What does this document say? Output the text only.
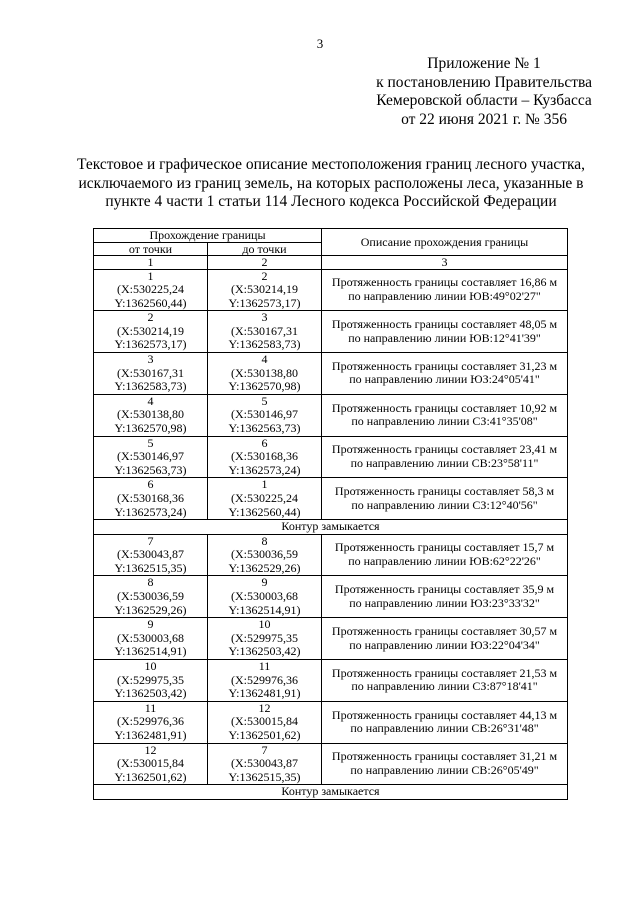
3
Приложение № 1
к постановлению Правительства
Кемеровской области – Кузбасса
от 22 июня 2021 г. № 356
Текстовое и графическое описание местоположения границ лесного участка, исключаемого из границ земель, на которых расположены леса, указанные в пункте 4 части 1 статьи 114 Лесного кодекса Российской Федерации
Прохождение границы		Описание прохождения границы
от точки	до точки	
1	2	3

1
(X:530225,24
Y:1362560,44)	2
(X:530214,19
Y:1362573,17)	Протяженность границы составляет 16,86 м по направлению линии ЮВ:49°02'27"

2
(X:530214,19
Y:1362573,17)	3
(X:530167,31
Y:1362583,73)	Протяженность границы составляет 48,05 м по направлению линии ЮВ:12°41'39"

3
(X:530167,31
Y:1362583,73)	4
(X:530138,80
Y:1362570,98)	Протяженность границы составляет 31,23 м по направлению линии ЮЗ:24°05'41"

4
(X:530138,80
Y:1362570,98)	5
(X:530146,97
Y:1362563,73)	Протяженность границы составляет 10,92 м по направлению линии СЗ:41°35'08"

5
(X:530146,97
Y:1362563,73)	6
(X:530168,36
Y:1362573,24)	Протяженность границы составляет 23,41 м по направлению линии СВ:23°58'11"

6
(X:530168,36
Y:1362573,24)	1
(X:530225,24
Y:1362560,44)	Протяженность границы составляет 58,3 м по направлению линии СЗ:12°40'56"
Контур замыкается		

7
(X:530043,87
Y:1362515,35)	8
(X:530036,59
Y:1362529,26)	Протяженность границы составляет 15,7 м по направлению линии ЮВ:62°22'26"

8
(X:530036,59
Y:1362529,26)	9
(X:530003,68
Y:1362514,91)	Протяженность границы составляет 35,9 м по направлению линии ЮЗ:23°33'32"

9
(X:530003,68
Y:1362514,91)	10
(X:529975,35
Y:1362503,42)	Протяженность границы составляет 30,57 м по направлению линии ЮЗ:22°04'34"

10
(X:529975,35
Y:1362503,42)	11
(X:529976,36
Y:1362481,91)	Протяженность границы составляет 21,53 м по направлению линии СЗ:87°18'41"

11
(X:529976,36
Y:1362481,91)	12
(X:530015,84
Y:1362501,62)	Протяженность границы составляет 44,13 м по направлению линии СВ:26°31'48"

12
(X:530015,84
Y:1362501,62)	7
(X:530043,87
Y:1362515,35)	Протяженность границы составляет 31,21 м по направлению линии СВ:26°05'49"
Контур замыкается		
